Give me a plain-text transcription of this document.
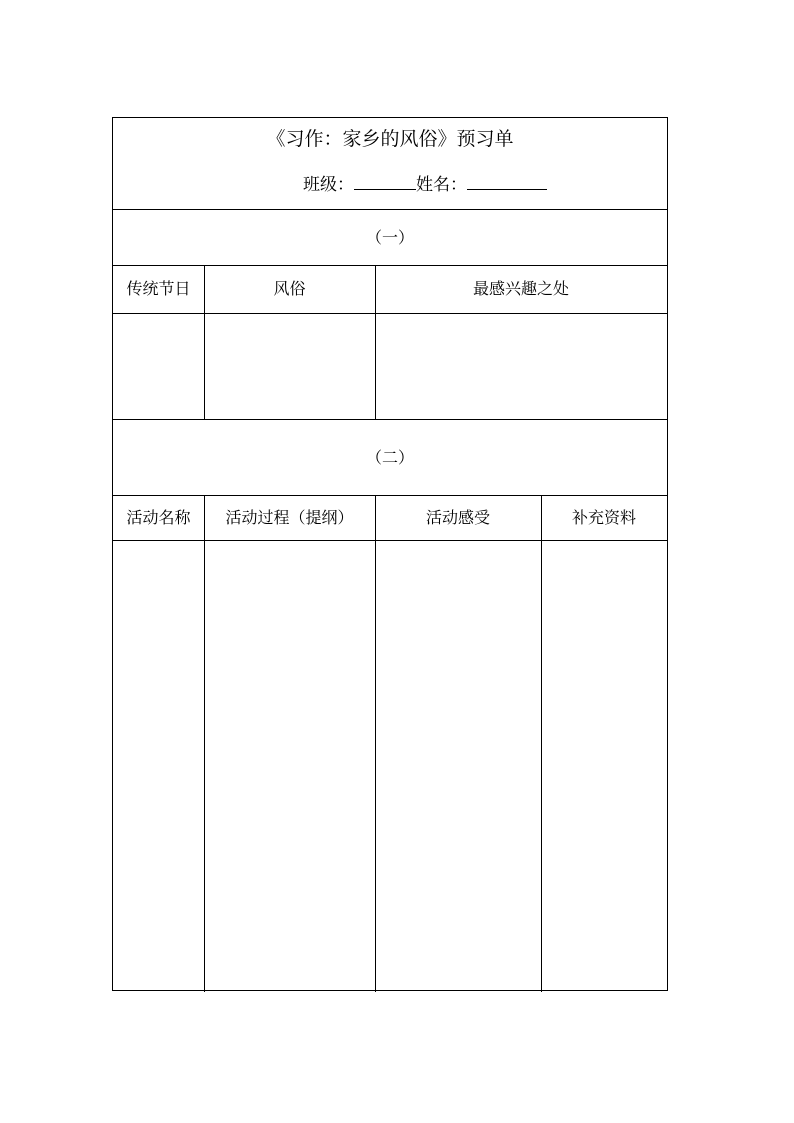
《习作：家乡的风俗》预习单
班级：	姓名：
（一）
传统节日	风俗	最感兴趣之处
（二）
活动名称	活动过程（提纲）	活动感受	补充资料
